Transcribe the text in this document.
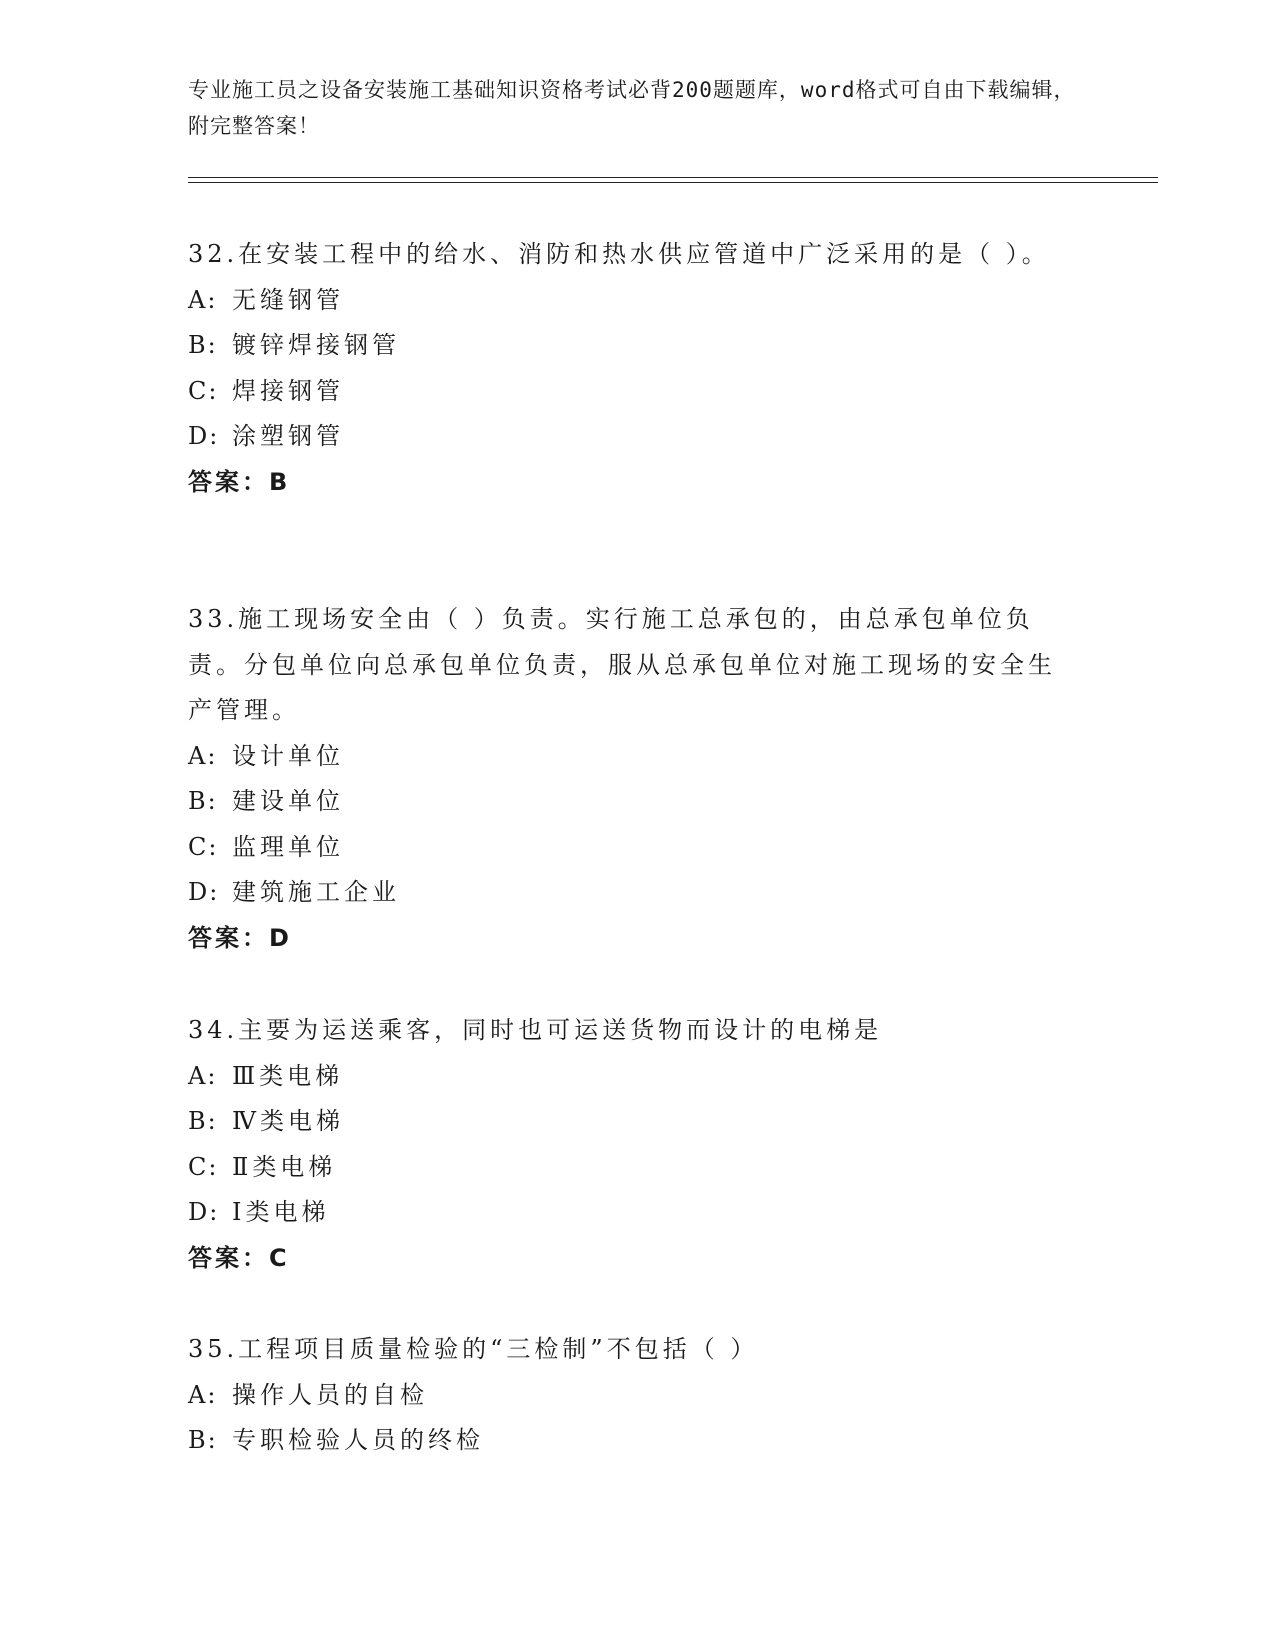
专业施工员之设备安装施工基础知识资格考试必背200题题库，word格式可自由下载编辑，附完整答案！
32.在安装工程中的给水、消防和热水供应管道中广泛采用的是（ ）。
A: 无缝钢管
B: 镀锌焊接钢管
C: 焊接钢管
D: 涂塑钢管
答案：B
33.施工现场安全由（ ）负责。实行施工总承包的，由总承包单位负责。分包单位向总承包单位负责，服从总承包单位对施工现场的安全生产管理。
A: 设计单位
B: 建设单位
C: 监理单位
D: 建筑施工企业
答案：D
34.主要为运送乘客，同时也可运送货物而设计的电梯是
A: Ⅲ类电梯
B: Ⅳ类电梯
C: Ⅱ类电梯
D: Ⅰ类电梯
答案：C
35.工程项目质量检验的“三检制”不包括（ ）
A: 操作人员的自检
B: 专职检验人员的终检
